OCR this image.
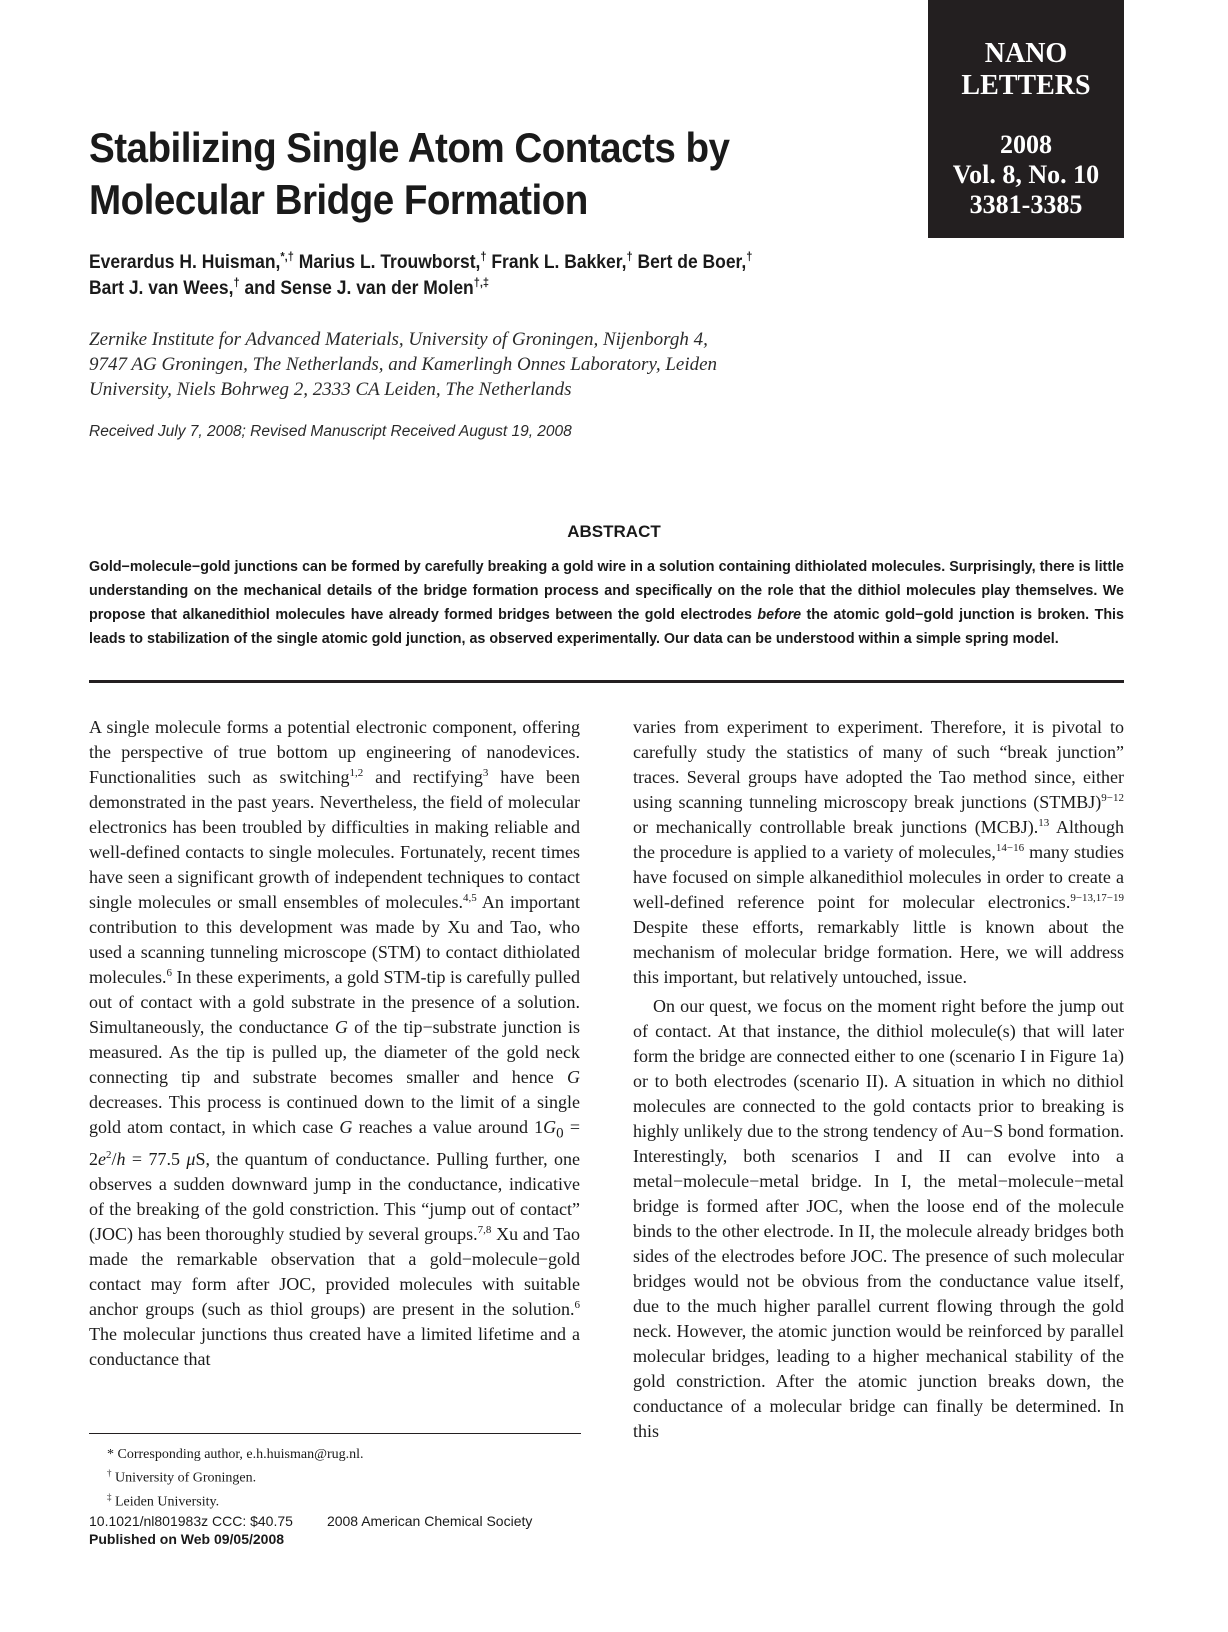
NANO
LETTERS
2008
Vol. 8, No. 10
3381-3385
Stabilizing Single Atom Contacts by
Molecular Bridge Formation
Everardus H. Huisman,*,† Marius L. Trouwborst,† Frank L. Bakker,† Bert de Boer,†
Bart J. van Wees,† and Sense J. van der Molen†,‡
Zernike Institute for Advanced Materials, University of Groningen, Nijenborgh 4,
9747 AG Groningen, The Netherlands, and Kamerlingh Onnes Laboratory, Leiden
University, Niels Bohrweg 2, 2333 CA Leiden, The Netherlands
Received July 7, 2008; Revised Manuscript Received August 19, 2008
ABSTRACT
Gold−molecule−gold junctions can be formed by carefully breaking a gold wire in a solution containing dithiolated molecules. Surprisingly, there is little understanding on the mechanical details of the bridge formation process and specifically on the role that the dithiol molecules play themselves. We propose that alkanedithiol molecules have already formed bridges between the gold electrodes before the atomic gold−gold junction is broken. This leads to stabilization of the single atomic gold junction, as observed experimentally. Our data can be understood within a simple spring model.

A single molecule forms a potential electronic component, offering the perspective of true bottom up engineering of nanodevices. Functionalities such as switching$^{1,2}$ and rectifying$^3$ have been demonstrated in the past years. Nevertheless, the field of molecular electronics has been troubled by difficulties in making reliable and well-defined contacts to single molecules. Fortunately, recent times have seen a significant growth of independent techniques to contact single molecules or small ensembles of molecules.$^{4,5}$ An important contribution to this development was made by Xu and Tao, who used a scanning tunneling microscope (STM) to contact dithiolated molecules.$^6$ In these experiments, a gold STM-tip is carefully pulled out of contact with a gold substrate in the presence of a solution. Simultaneously, the conductance G of the tip−substrate junction is measured. As the tip is pulled up, the diameter of the gold neck connecting tip and substrate becomes smaller and hence G decreases. This process is continued down to the limit of a single gold atom contact, in which case G reaches a value around $1G_0 = 2e^2/h = 77.5$ μS, the quantum of conductance. Pulling further, one observes a sudden downward jump in the conductance, indicative of the breaking of the gold constriction. This “jump out of contact” (JOC) has been thoroughly studied by several groups.$^{7,8}$ Xu and Tao made the remarkable observation that a gold−molecule−gold contact may form after JOC, provided molecules with suitable anchor groups (such as thiol groups) are present in the solution.$^6$ The molecular junctions thus created have a limited lifetime and a conductance that

varies from experiment to experiment. Therefore, it is pivotal to carefully study the statistics of many of such “break junction” traces. Several groups have adopted the Tao method since, either using scanning tunneling microscopy break junctions (STMBJ)$^{9-12}$ or mechanically controllable break junctions (MCBJ).$^{13}$ Although the procedure is applied to a variety of molecules,$^{14-16}$ many studies have focused on simple alkanedithiol molecules in order to create a well-defined reference point for molecular electronics.$^{9-13,17-19}$ Despite these efforts, remarkably little is known about the mechanism of molecular bridge formation. Here, we will address this important, but relatively untouched, issue.

On our quest, we focus on the moment right before the jump out of contact. At that instance, the dithiol molecule(s) that will later form the bridge are connected either to one (scenario I in Figure 1a) or to both electrodes (scenario II). A situation in which no dithiol molecules are connected to the gold contacts prior to breaking is highly unlikely due to the strong tendency of Au−S bond formation. Interestingly, both scenarios I and II can evolve into a metal−molecule−metal bridge. In I, the metal−molecule−metal bridge is formed after JOC, when the loose end of the molecule binds to the other electrode. In II, the molecule already bridges both sides of the electrodes before JOC. The presence of such molecular bridges would not be obvious from the conductance value itself, due to the much higher parallel current flowing through the gold neck. However, the atomic junction would be reinforced by parallel molecular bridges, leading to a higher mechanical stability of the gold constriction. After the atomic junction breaks down, the conductance of a molecular bridge can finally be determined. In this

* Corresponding author, e.h.huisman@rug.nl.
† University of Groningen.
‡ Leiden University.
10.1021/nl801983z CCC: $40.75 2008 American Chemical Society
Published on Web 09/05/2008
